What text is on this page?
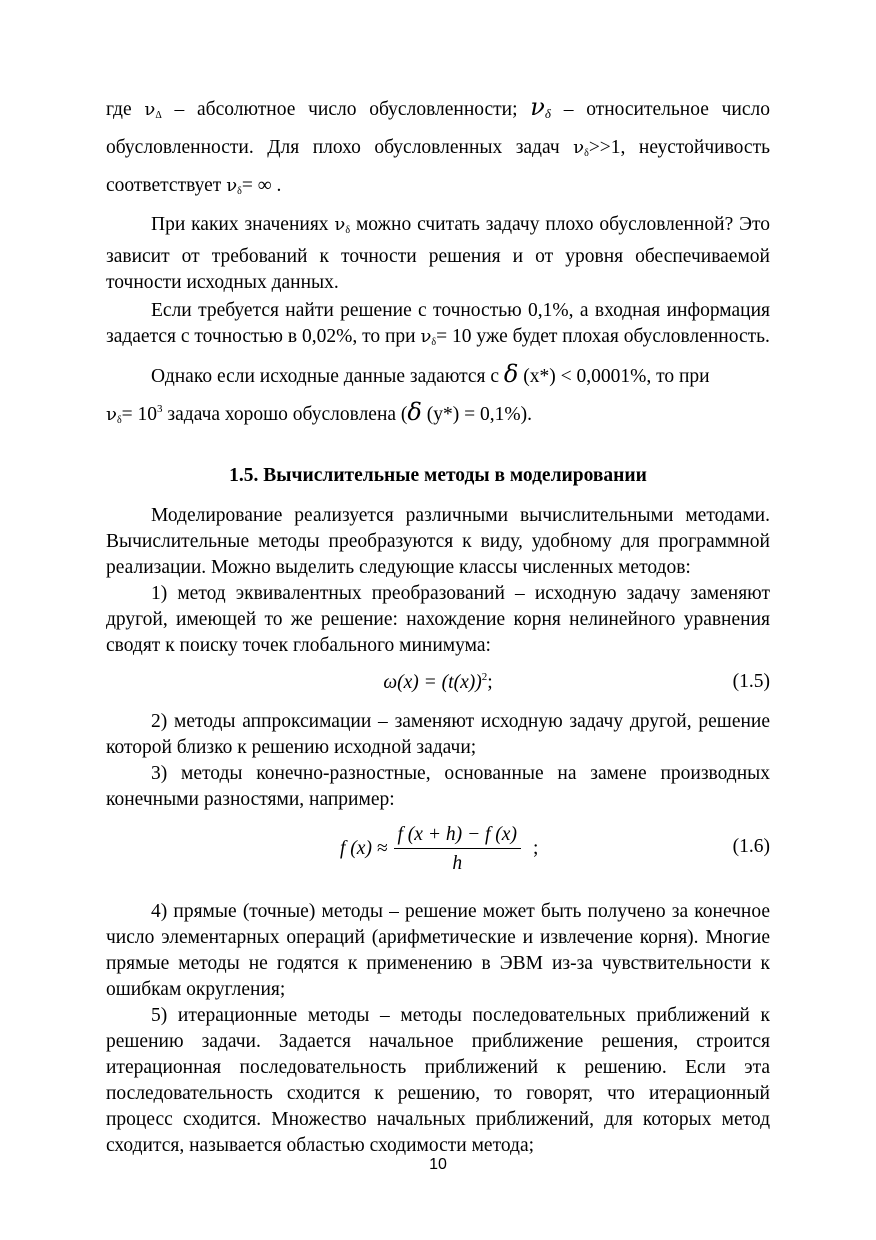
где $\nu_\Delta$ – абсолютное число обусловленности; $\nu_\delta$ – относительное число обусловленности. Для плохо обусловленных задач $\nu_\delta>>1$, неустойчивость соответствует $\nu_\delta=$ ∞ .

При каких значениях $\nu_\delta$ можно считать задачу плохо обусловленной? Это зависит от требований к точности решения и от уровня обеспечиваемой точности исходных данных.

Если требуется найти решение с точностью 0,1%, а входная информация задается с точностью в 0,02%, то при $\nu_\delta= 10$ уже будет плохая обусловленность.

Однако если исходные данные задаются с δ (x*) < 0,0001%, то при
$\nu_\delta= 10^3$ задача хорошо обусловлена (δ (y*) = 0,1%).

1.5. Вычислительные методы в моделировании

Моделирование реализуется различными вычислительными методами. Вычислительные методы преобразуются к виду, удобному для программной реализации. Можно выделить следующие классы численных методов:

1) метод эквивалентных преобразований – исходную задачу заменяют другой, имеющей то же решение: нахождение корня нелинейного уравнения сводят к поиску точек глобального минимума:

$\omega(x) = (t(x))^2$;	(1.5)

2) методы аппроксимации – заменяют исходную задачу другой, решение которой близко к решению исходной задачи;

3) методы конечно-разностные, основанные на замене производных конечными разностями, например:

f $(x) \approx \frac{f (x + h) - f (x)}{h}$ ;	(1.6)

4) прямые (точные) методы – решение может быть получено за конечное число элементарных операций (арифметические и извлечение корня). Многие прямые методы не годятся к применению в ЭВМ из-за чувствительности к ошибкам округления;

5) итерационные методы – методы последовательных приближений к решению задачи. Задается начальное приближение решения, строится итерационная последовательность приближений к решению. Если эта последовательность сходится к решению, то говорят, что итерационный процесс сходится. Множество начальных приближений, для которых метод сходится, называется областью сходимости метода;

10
